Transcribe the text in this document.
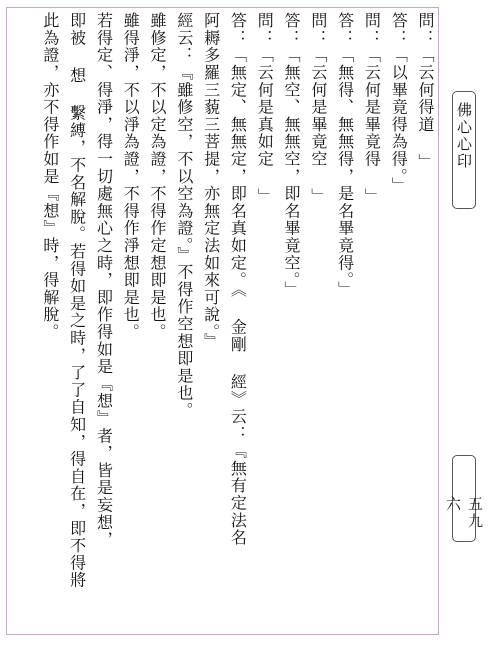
問：「云何得道 」
答：「以畢竟得為得。」
問：「云何是畢竟得 」
答：「無得、無無得，是名畢竟得。」
問：「云何是畢竟空 」
答：「無空、無無空，即名畢竟空。」
問：「云何是真如定 」
答：「無定、無無定，即名真如定。《 金剛 經》云：『無有定法名
阿耨多羅三藐三菩提，亦無定法如來可說。』
經云：『雖修空，不以空為證。』不得作空想即是也。
雖修定，不以定為證，不得作定想即是也。
雖得淨，不以淨為證，不得作淨想即是也。
若得定、得淨，得一切處無心之時，即作得如是『想』者，皆是妄想，
即被 想 繫縛，不名解脫。若得如是之時，了了自知，得自在，即不得將
此為證，亦不得作如是『想』時，得解脫。	佛心心印
五九六
